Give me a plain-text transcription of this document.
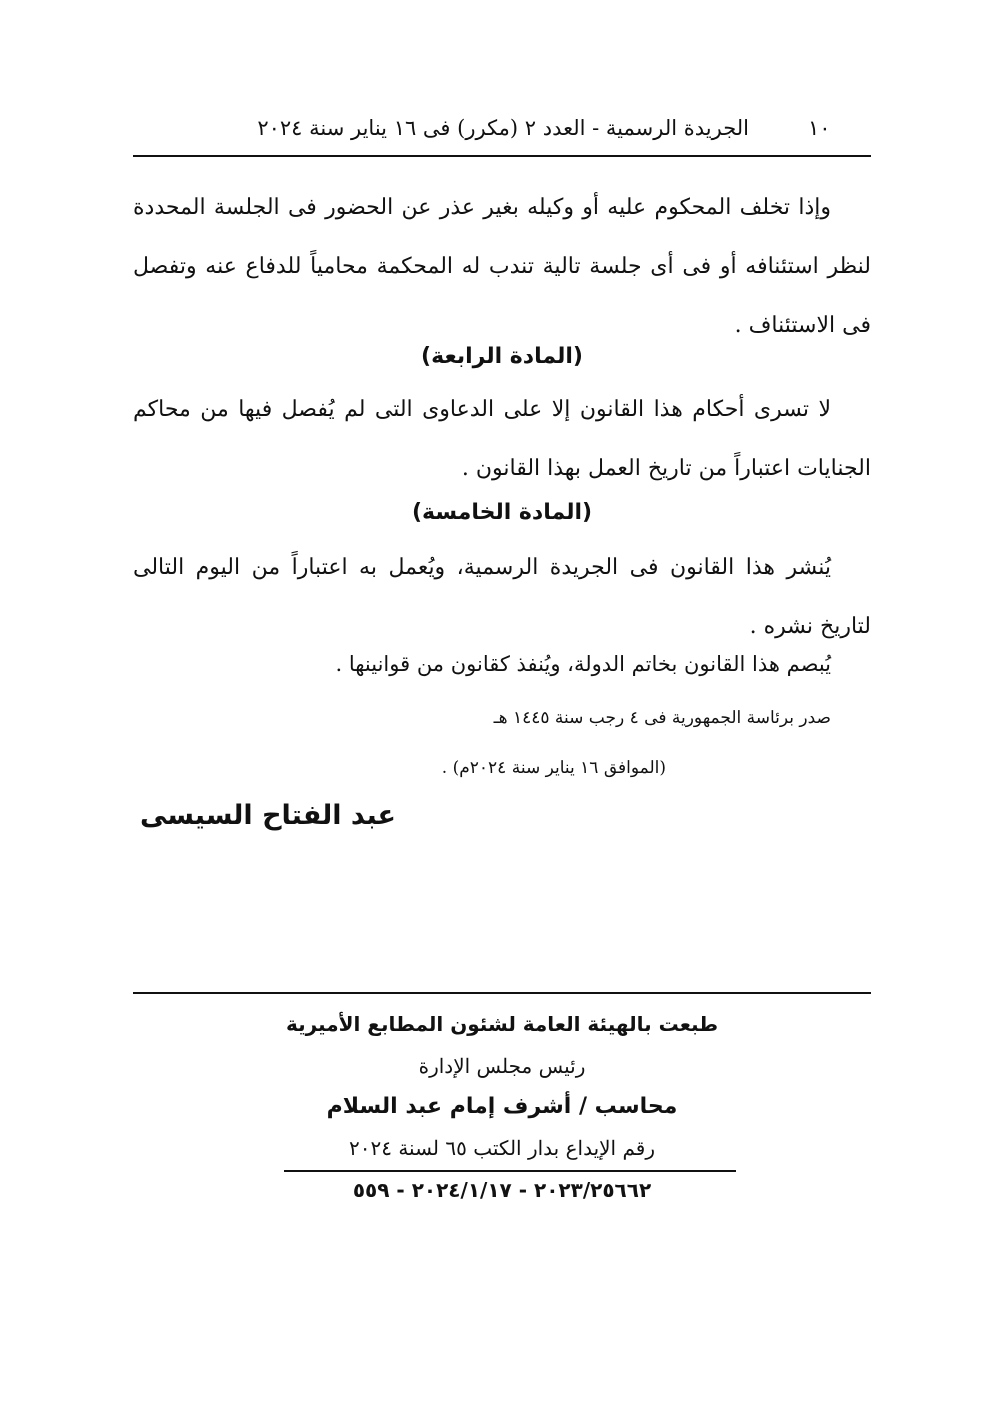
١٠
الجريدة الرسمية - العدد ٢ (مكرر) فى ١٦ يناير سنة ٢٠٢٤
وإذا تخلف المحكوم عليه أو وكيله بغير عذر عن الحضور فى الجلسة المحددة لنظر استئنافه أو فى أى جلسة تالية تندب له المحكمة محامياً للدفاع عنه وتفصل فى الاستئناف .
(المادة الرابعة)
لا تسرى أحكام هذا القانون إلا على الدعاوى التى لم يُفصل فيها من محاكم الجنايات اعتباراً من تاريخ العمل بهذا القانون .
(المادة الخامسة)
يُنشر هذا القانون فى الجريدة الرسمية، ويُعمل به اعتباراً من اليوم التالى لتاريخ نشره .
يُبصم هذا القانون بخاتم الدولة، ويُنفذ كقانون من قوانينها .
صدر برئاسة الجمهورية فى ٤ رجب سنة ١٤٤٥ هـ
(الموافق ١٦ يناير سنة ٢٠٢٤م) .
عبد الفتاح السيسى
طبعت بالهيئة العامة لشئون المطابع الأميرية
رئيس مجلس الإدارة
محاسب / أشرف إمام عبد السلام
رقم الإيداع بدار الكتب ٦٥ لسنة ٢٠٢٤
٢٠٢٣/٢٥٦٦٢ - ٢٠٢٤/١/١٧ - ٥٥٩
